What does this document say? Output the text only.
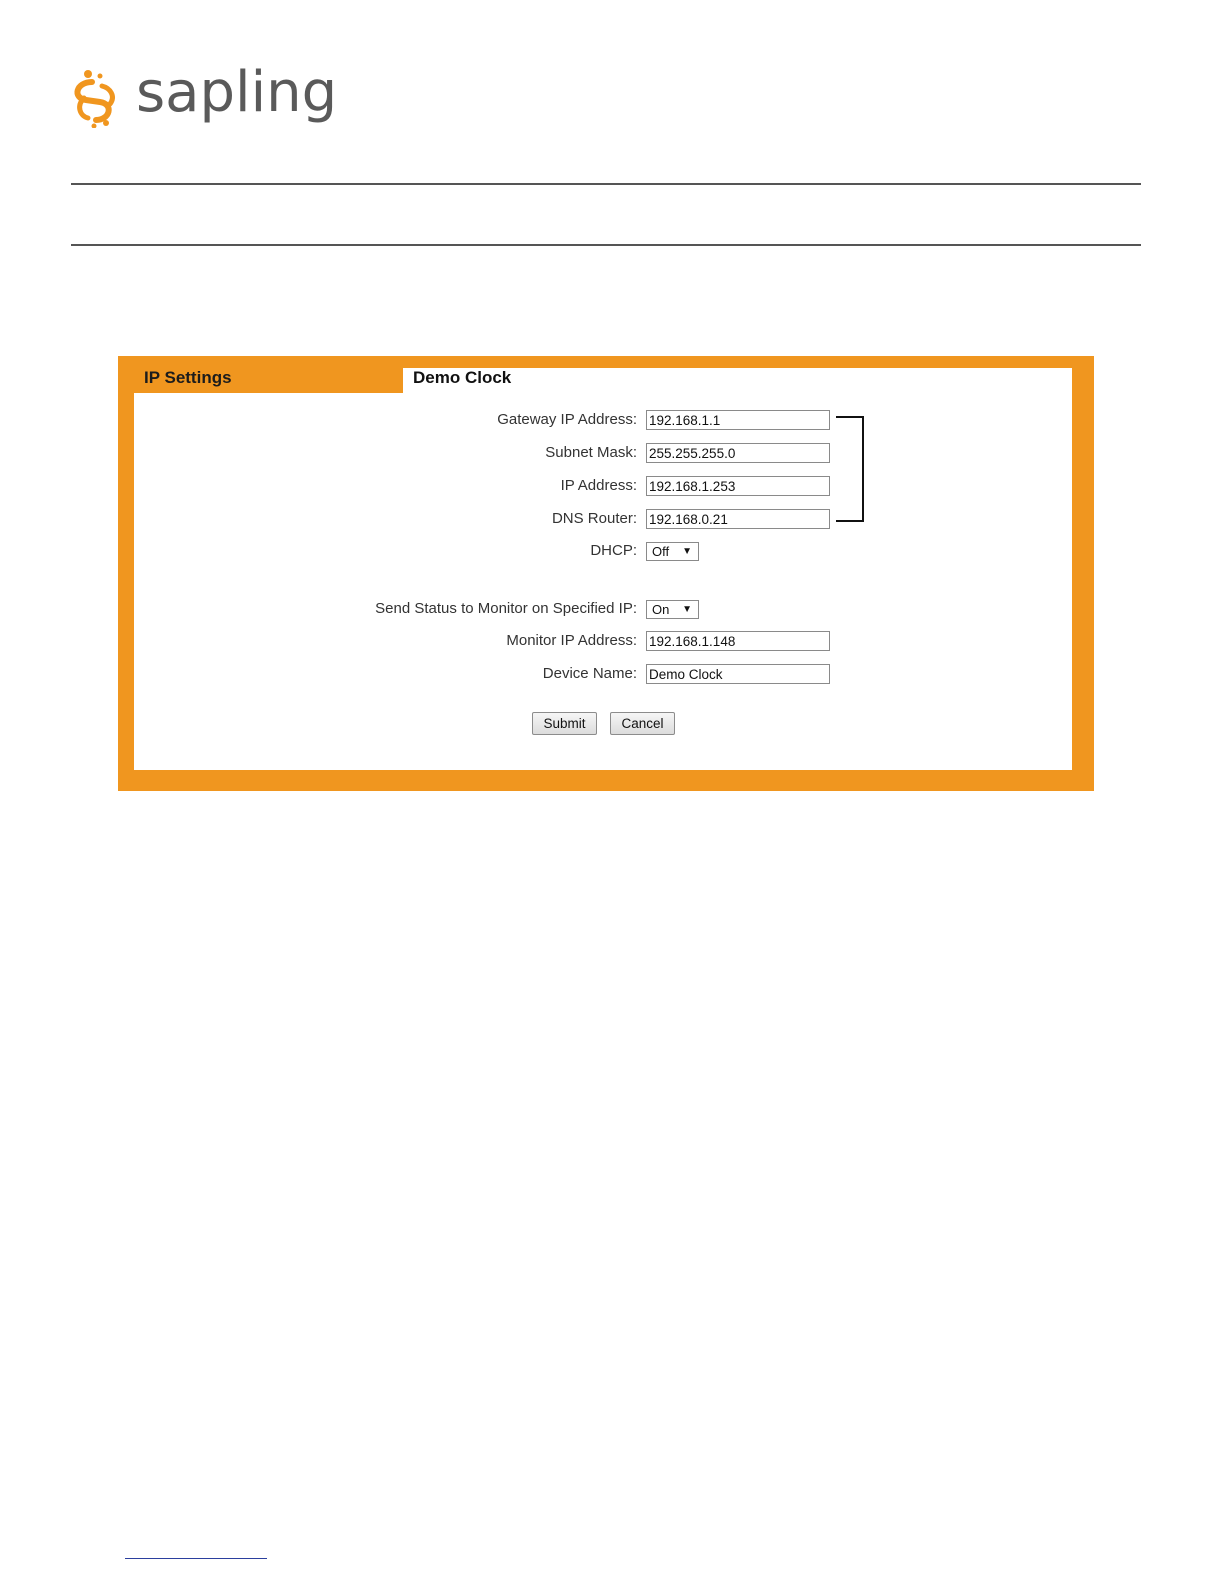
sapling
IP Settings	Demo Clock
Gateway IP Address:
192.168.1.1
Subnet Mask:
255.255.255.0
IP Address:
192.168.1.253
DNS Router:
192.168.0.21
DHCP: Off ▼
Send Status to Monitor on Specified IP: On ▼
Monitor IP Address:
192.168.1.148
Device Name:
Demo Clock
Submit	Cancel
